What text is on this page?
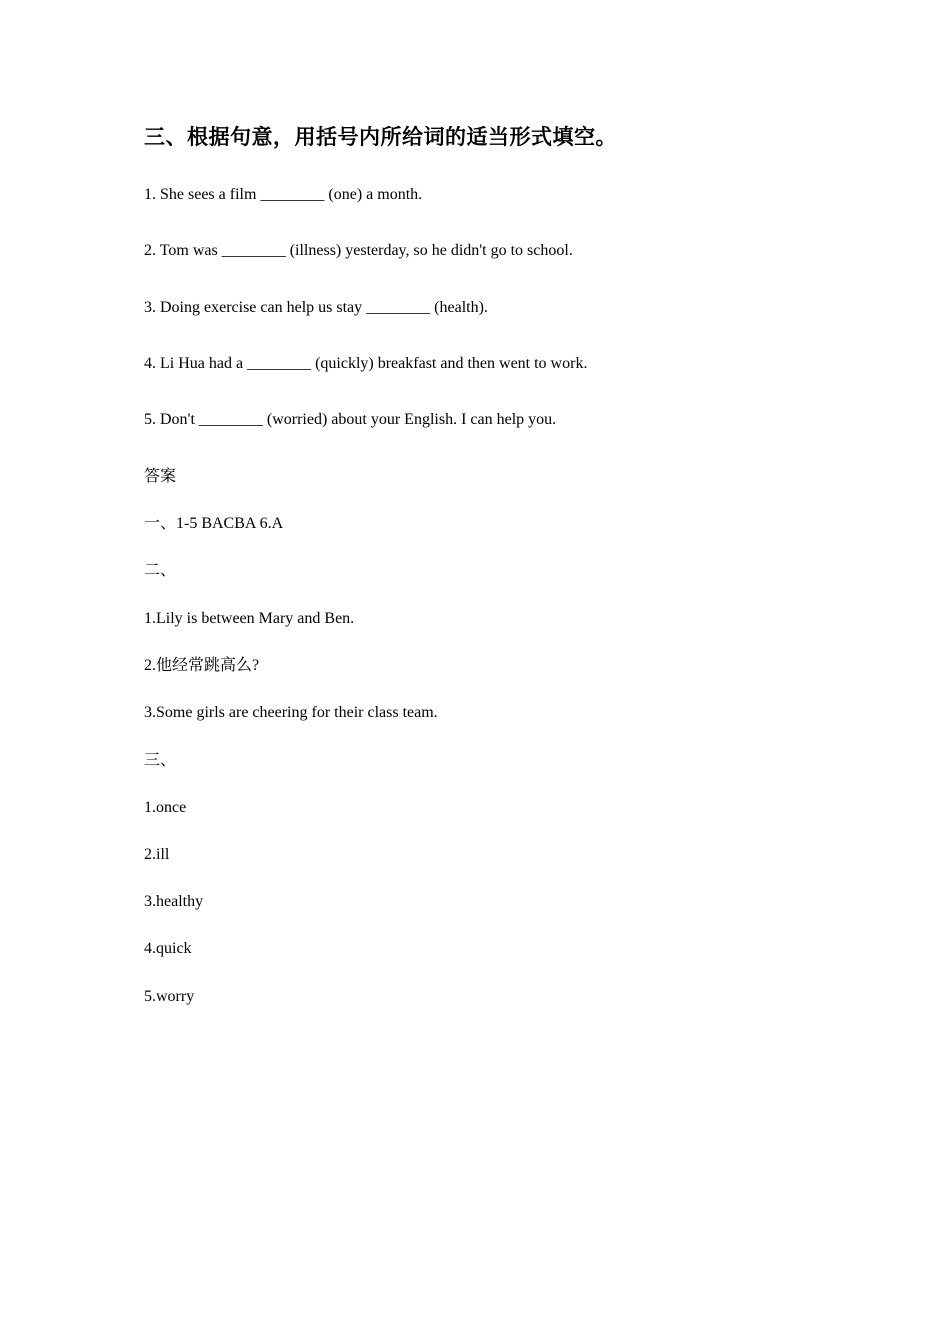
三、根据句意，用括号内所给词的适当形式填空。
1. She sees a film ________ (one) a month.
2. Tom was ________ (illness) yesterday, so he didn't go to school.
3. Doing exercise can help us stay ________ (health).
4. Li Hua had a ________ (quickly) breakfast and then went to work.
5. Don't ________ (worried) about your English. I can help you.
答案
一、1-5 BACBA 6.A
二、
1.Lily is between Mary and Ben.
2.他经常跳高么?
3.Some girls are cheering for their class team.
三、
1.once
2.ill
3.healthy
4.quick
5.worry
